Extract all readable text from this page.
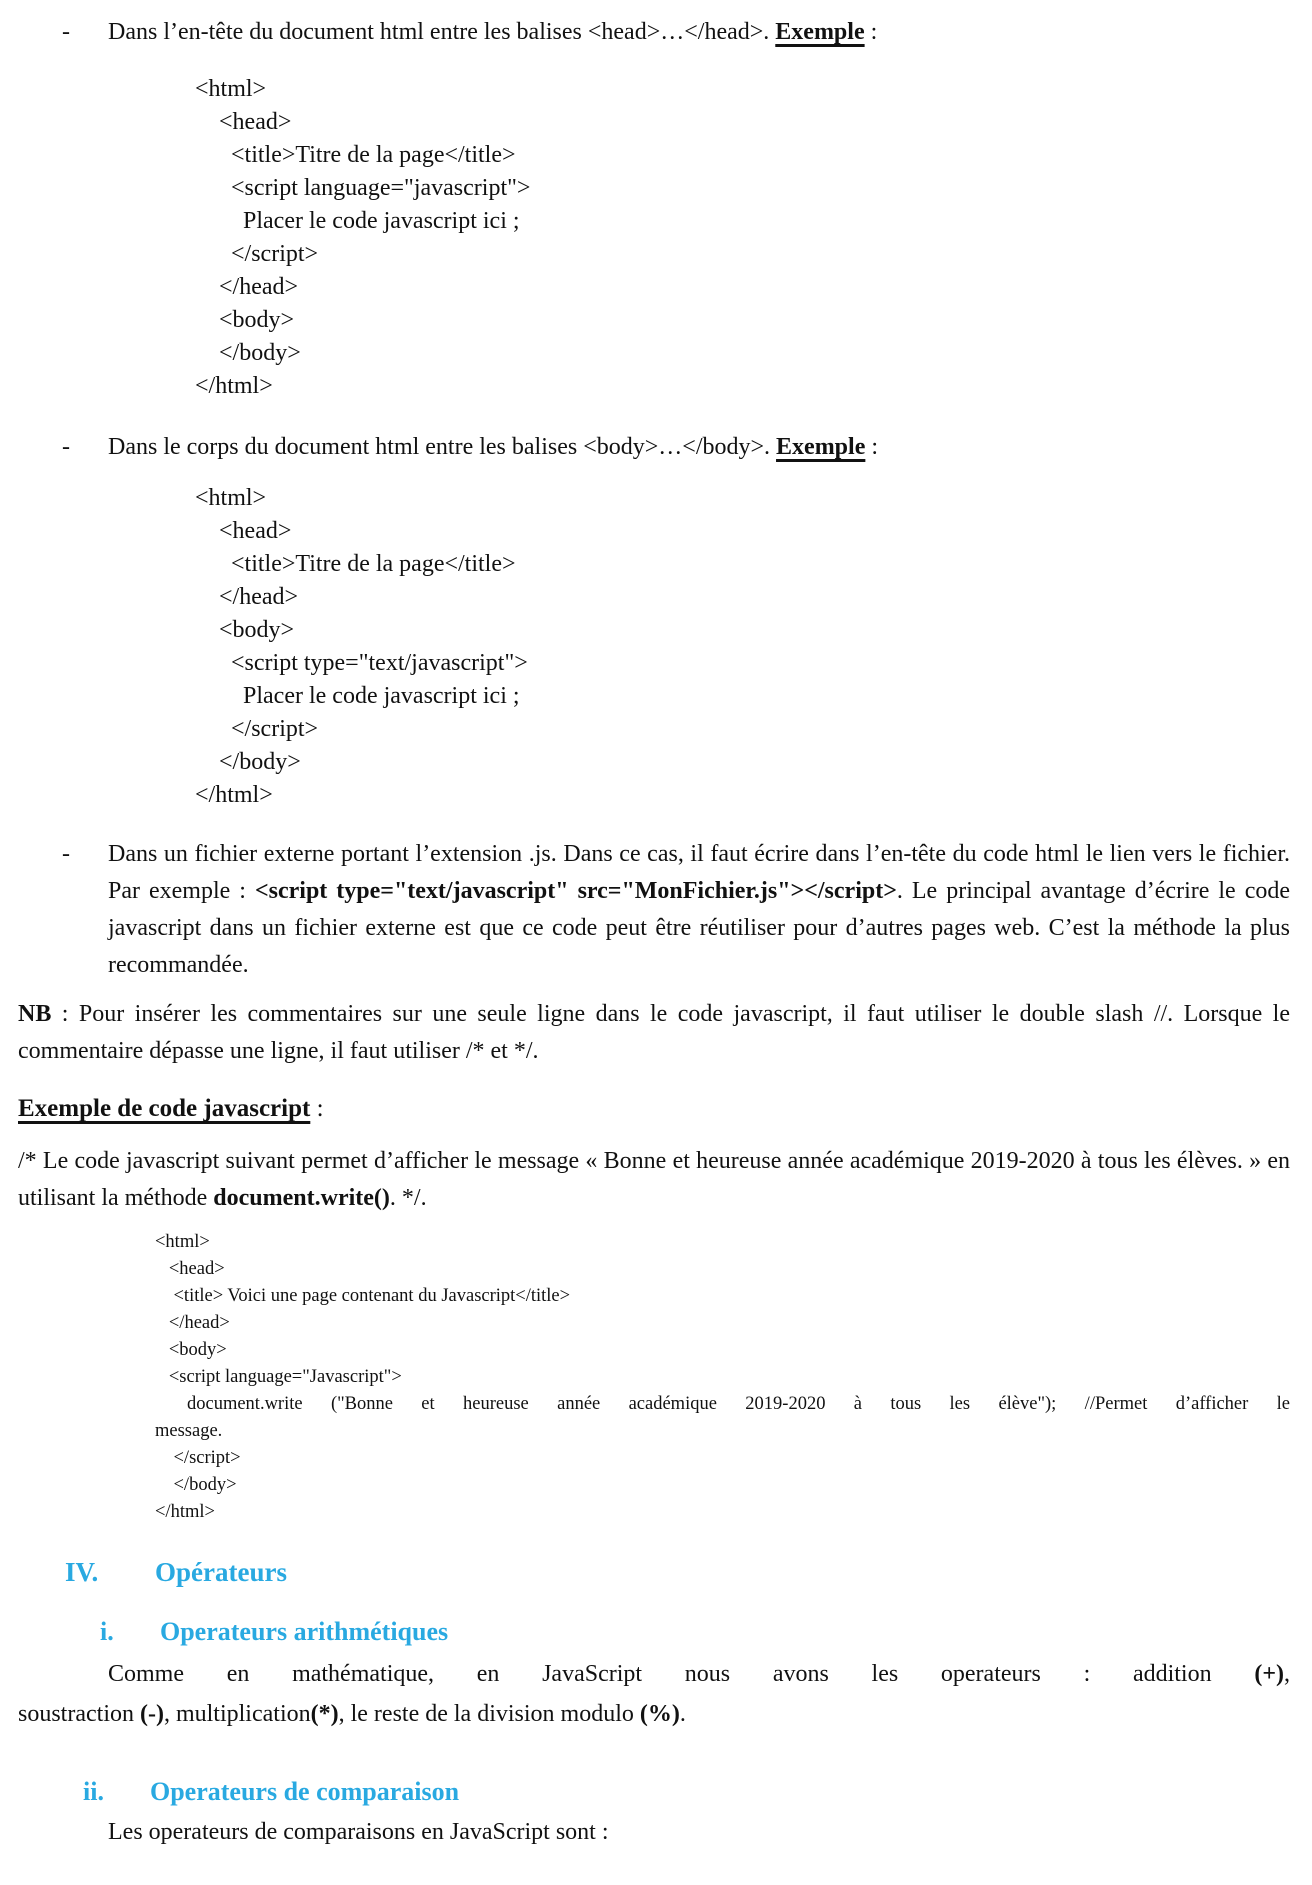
- Dans l’en-tête du document html entre les balises <head>…</head>. Exemple :
<html>
<head>
<title>Titre de la page</title>
<script language="javascript">
Placer le code javascript ici ;
</script>
</head>
<body>
</body>
</html>
- Dans le corps du document html entre les balises <body>…</body>. Exemple :
<html>
<head>
<title>Titre de la page</title>
</head>
<body>
<script type="text/javascript">
Placer le code javascript ici ;
</script>
</body>
</html>
- Dans un fichier externe portant l’extension .js. Dans ce cas, il faut écrire dans l’en-tête du code html le lien vers le fichier. Par exemple : <script type="text/javascript" src="MonFichier.js"></script>. Le principal avantage d’écrire le code javascript dans un fichier externe est que ce code peut être réutiliser pour d’autres pages web. C’est la méthode la plus recommandée.
NB : Pour insérer les commentaires sur une seule ligne dans le code javascript, il faut utiliser le double slash //. Lorsque le commentaire dépasse une ligne, il faut utiliser /* et */.
Exemple de code javascript :
/* Le code javascript suivant permet d’afficher le message « Bonne et heureuse année académique 2019-2020 à tous les élèves. » en utilisant la méthode document.write(). */.
<html>
<head>
<title> Voici une page contenant du Javascript</title>
</head>
<body>
<script language="Javascript">
document.write ("Bonne et heureuse année académique 2019-2020 à tous les élève"); //Permet d’afficher le
message.
</script>
</body>
</html>
IV.	Opérateurs
i.	Operateurs arithmétiques
Comme en mathématique, en JavaScript nous avons les operateurs : addition (+),
soustraction (-), multiplication(*), le reste de la division modulo (%).
ii.	Operateurs de comparaison
Les operateurs de comparaisons en JavaScript sont :
